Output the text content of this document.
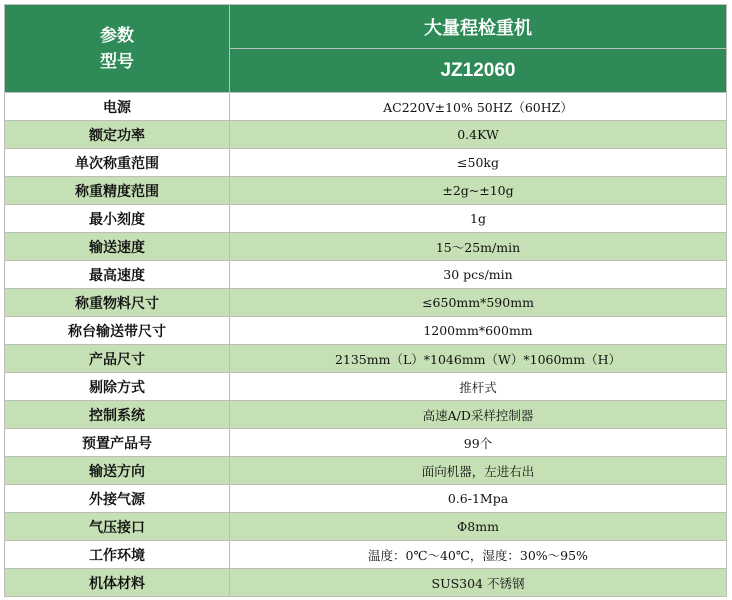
参数
型号	大量程检重机
	JZ12060
电源	AC220V±10% 50HZ（60HZ）
额定功率	0.4KW
单次称重范围	≤50kg
称重精度范围	±2g~±10g
最小刻度	1g
输送速度	15～25m/min
最高速度	30 pcs/min
称重物料尺寸	≤650mm*590mm
称台输送带尺寸	1200mm*600mm
产品尺寸	2135mm（L）*1046mm（W）*1060mm（H）
剔除方式	推杆式
控制系统	高速A/D采样控制器
预置产品号	99个
输送方向	面向机器，左进右出
外接气源	0.6-1Mpa
气压接口	Φ8mm
工作环境	温度：0℃～40℃，湿度：30%～95%
机体材料	SUS304 不锈钢
